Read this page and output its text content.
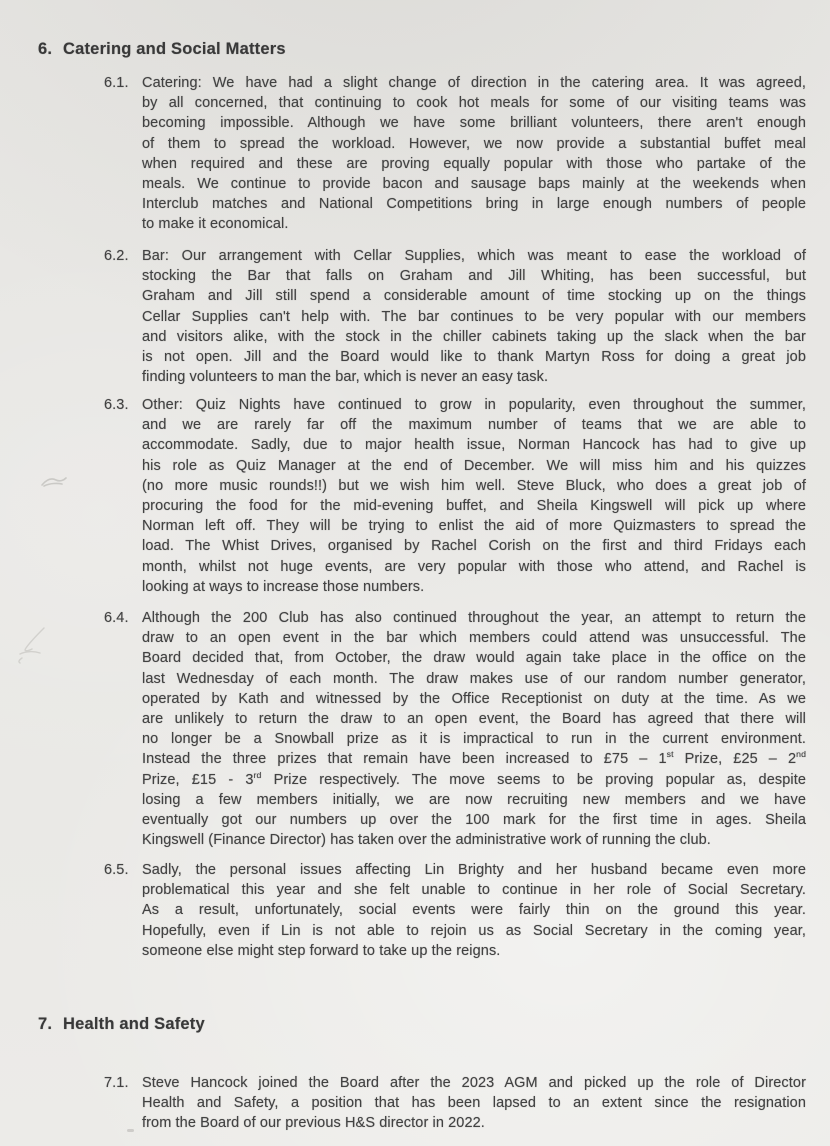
6. Catering and Social Matters
6.1. Catering: We have had a slight change of direction in the catering area. It was agreed,
by all concerned, that continuing to cook hot meals for some of our visiting teams was
becoming impossible. Although we have some brilliant volunteers, there aren't enough
of them to spread the workload. However, we now provide a substantial buffet meal
when required and these are proving equally popular with those who partake of the
meals. We continue to provide bacon and sausage baps mainly at the weekends when
Interclub matches and National Competitions bring in large enough numbers of people
to make it economical.
6.2. Bar: Our arrangement with Cellar Supplies, which was meant to ease the workload of
stocking the Bar that falls on Graham and Jill Whiting, has been successful, but
Graham and Jill still spend a considerable amount of time stocking up on the things
Cellar Supplies can't help with. The bar continues to be very popular with our members
and visitors alike, with the stock in the chiller cabinets taking up the slack when the bar
is not open. Jill and the Board would like to thank Martyn Ross for doing a great job
finding volunteers to man the bar, which is never an easy task.
6.3. Other: Quiz Nights have continued to grow in popularity, even throughout the summer,
and we are rarely far off the maximum number of teams that we are able to
accommodate. Sadly, due to major health issue, Norman Hancock has had to give up
his role as Quiz Manager at the end of December. We will miss him and his quizzes
(no more music rounds!!) but we wish him well. Steve Bluck, who does a great job of
procuring the food for the mid-evening buffet, and Sheila Kingswell will pick up where
Norman left off. They will be trying to enlist the aid of more Quizmasters to spread the
load. The Whist Drives, organised by Rachel Corish on the first and third Fridays each
month, whilst not huge events, are very popular with those who attend, and Rachel is
looking at ways to increase those numbers.
6.4. Although the 200 Club has also continued throughout the year, an attempt to return the
draw to an open event in the bar which members could attend was unsuccessful. The
Board decided that, from October, the draw would again take place in the office on the
last Wednesday of each month. The draw makes use of our random number generator,
operated by Kath and witnessed by the Office Receptionist on duty at the time. As we
are unlikely to return the draw to an open event, the Board has agreed that there will
no longer be a Snowball prize as it is impractical to run in the current environment.
Instead the three prizes that remain have been increased to £75 – 1st Prize, £25 – 2nd
Prize, £15 - 3rd Prize respectively. The move seems to be proving popular as, despite
losing a few members initially, we are now recruiting new members and we have
eventually got our numbers up over the 100 mark for the first time in ages. Sheila
Kingswell (Finance Director) has taken over the administrative work of running the club.
6.5. Sadly, the personal issues affecting Lin Brighty and her husband became even more
problematical this year and she felt unable to continue in her role of Social Secretary.
As a result, unfortunately, social events were fairly thin on the ground this year.
Hopefully, even if Lin is not able to rejoin us as Social Secretary in the coming year,
someone else might step forward to take up the reigns.
7. Health and Safety
7.1. Steve Hancock joined the Board after the 2023 AGM and picked up the role of Director
Health and Safety, a position that has been lapsed to an extent since the resignation
from the Board of our previous H&S director in 2022.
